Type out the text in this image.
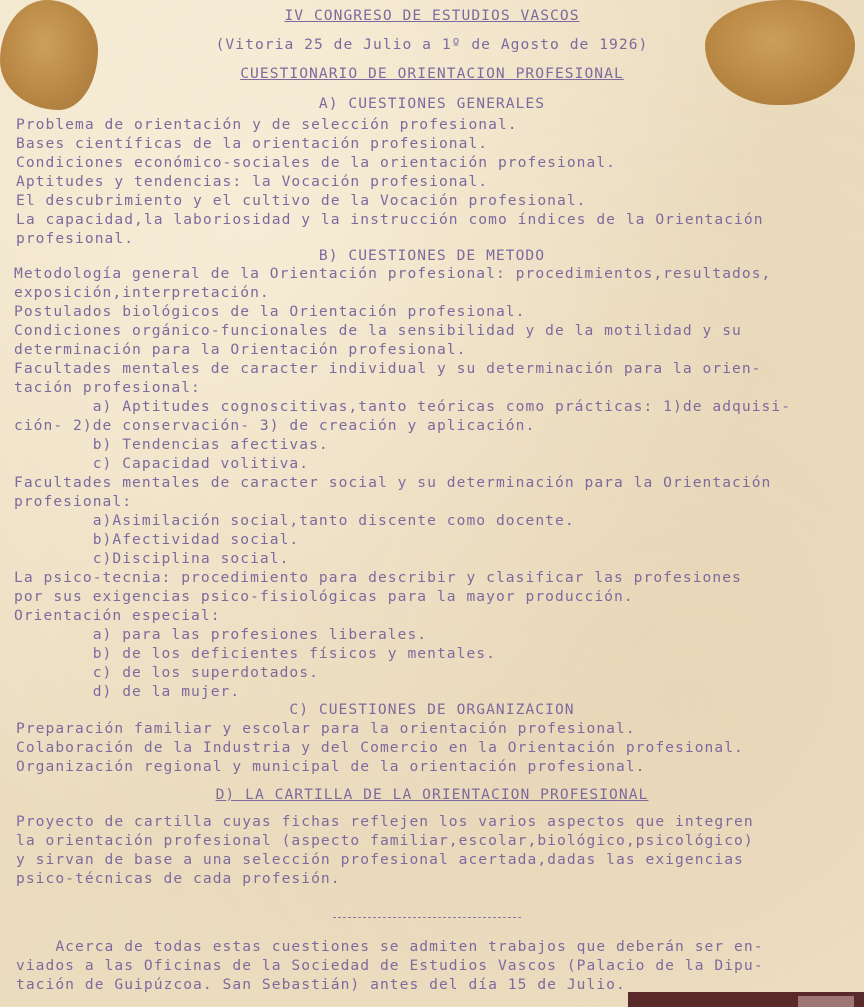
IV CONGRESO DE ESTUDIOS VASCOS
(Vitoria 25 de Julio a 1º de Agosto de 1926)
CUESTIONARIO DE ORIENTACION PROFESIONAL
A) CUESTIONES GENERALES
Problema de orientación y de selección profesional.
Bases científicas de la orientación profesional.
Condiciones económico-sociales de la orientación profesional.
Aptitudes y tendencias: la Vocación profesional.
El descubrimiento y el cultivo de la Vocación profesional.
La capacidad,la laboriosidad y la instrucción como índices de la Orientación
profesional.
B) CUESTIONES DE METODO
Metodología general de la Orientación profesional: procedimientos,resultados,
exposición,interpretación.
Postulados biológicos de la Orientación profesional.
Condiciones orgánico-funcionales de la sensibilidad y de la motilidad y su
determinación para la Orientación profesional.
Facultades mentales de caracter individual y su determinación para la orien-
tación profesional:
a) Aptitudes cognoscitivas,tanto teóricas como prácticas: 1)de adquisi-
ción- 2)de conservación- 3) de creación y aplicación.
b) Tendencias afectivas.
c) Capacidad volitiva.
Facultades mentales de caracter social y su determinación para la Orientación
profesional:
a)Asimilación social,tanto discente como docente.
b)Afectividad social.
c)Disciplina social.
La psico-tecnia: procedimiento para describir y clasificar las profesiones
por sus exigencias psico-fisiológicas para la mayor producción.
Orientación especial:
a) para las profesiones liberales.
b) de los deficientes físicos y mentales.
c) de los superdotados.
d) de la mujer.
C) CUESTIONES DE ORGANIZACION
Preparación familiar y escolar para la orientación profesional.
Colaboración de la Industria y del Comercio en la Orientación profesional.
Organización regional y municipal de la orientación profesional.
D) LA CARTILLA DE LA ORIENTACION PROFESIONAL
Proyecto de cartilla cuyas fichas reflejen los varios aspectos que integren
la orientación profesional (aspecto familiar,escolar,biológico,psicológico)
y sirvan de base a una selección profesional acertada,dadas las exigencias
psico-técnicas de cada profesión.
Acerca de todas estas cuestiones se admiten trabajos que deberán ser en-
viados a las Oficinas de la Sociedad de Estudios Vascos (Palacio de la Dipu-
tación de Guipúzcoa. San Sebastián) antes del día 15 de Julio.
